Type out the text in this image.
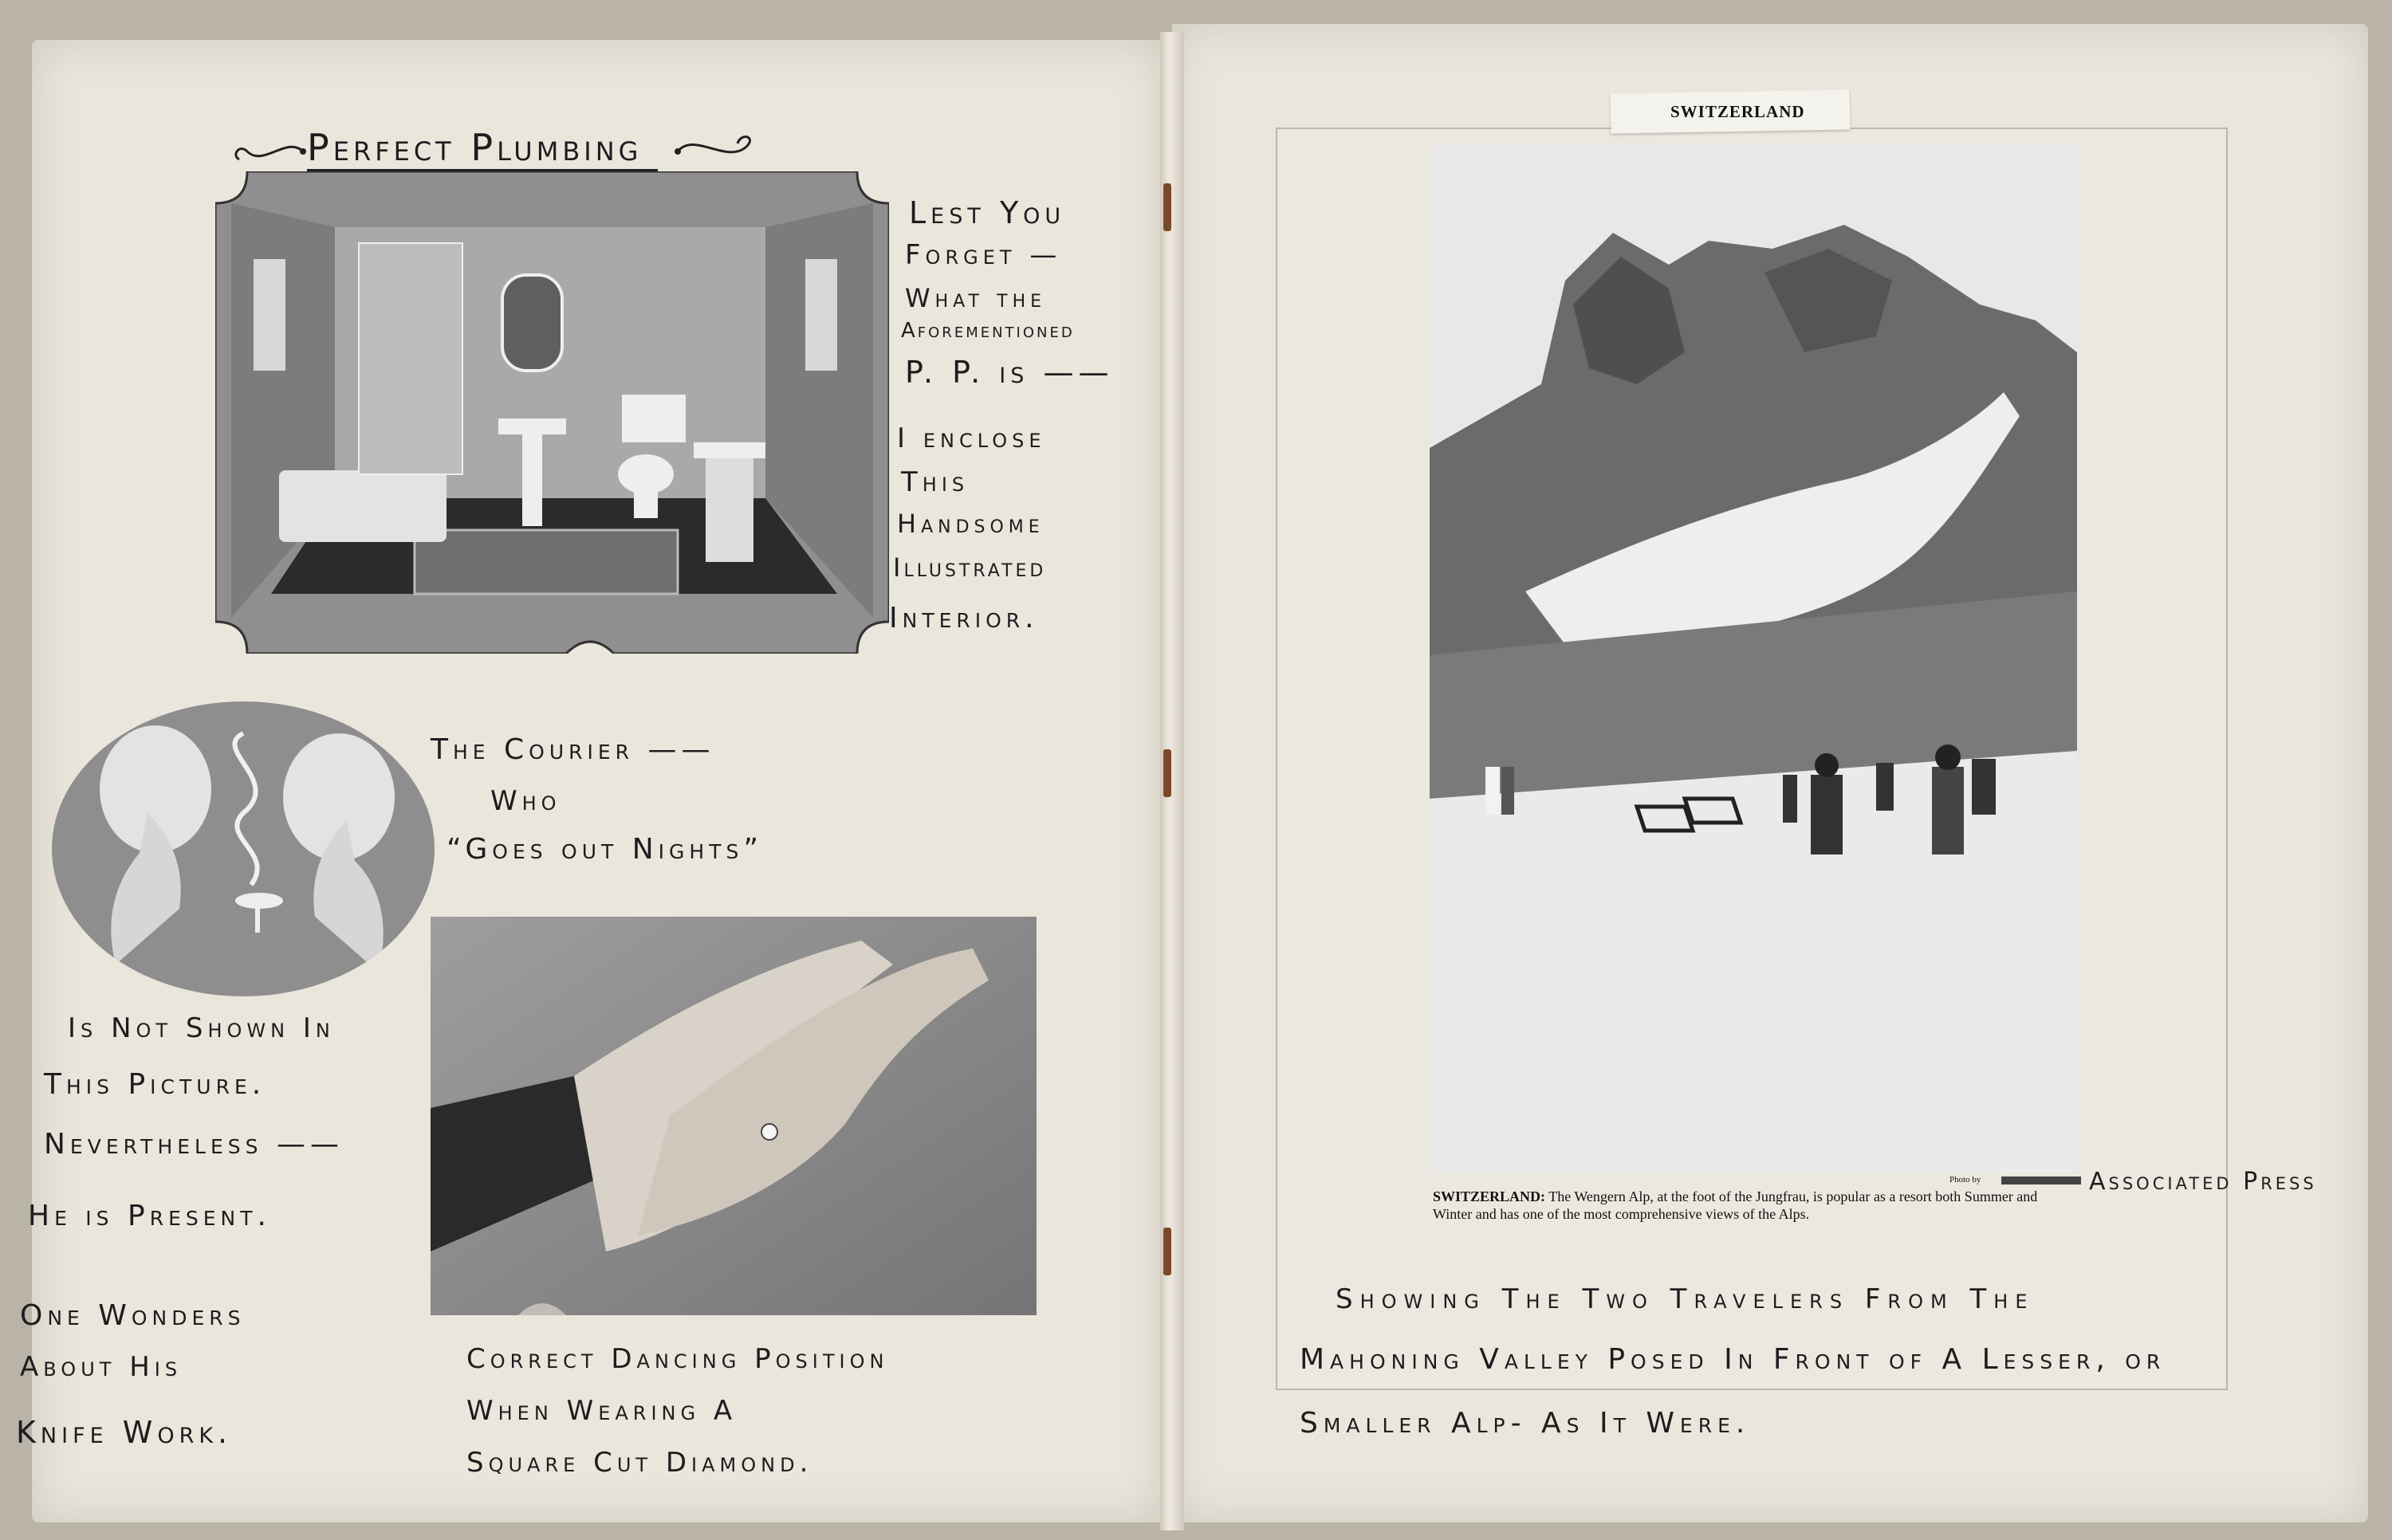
Perfect Plumbing
Lest You
Forget —
What the
Aforementioned
P. P. is ——
I enclose
This
Handsome
Illustrated
Interior.
The Courier ——
Who
“Goes out Nights”
Is Not Shown In
This Picture.
Nevertheless ——
He is Present.
One Wonders
About His
Knife Work.
Correct Dancing Position
When Wearing A
Square Cut Diamond.
SWITZERLAND
Photo by
SWITZERLAND: The Wengern Alp, at the foot of the Jungfrau, is popular as a resort both Summer and Winter and has one of the most comprehensive views of the Alps.
Associated Press
Showing The Two Travelers From The
Mahoning Valley Posed In Front of A Lesser, or
Smaller Alp- As It Were.
